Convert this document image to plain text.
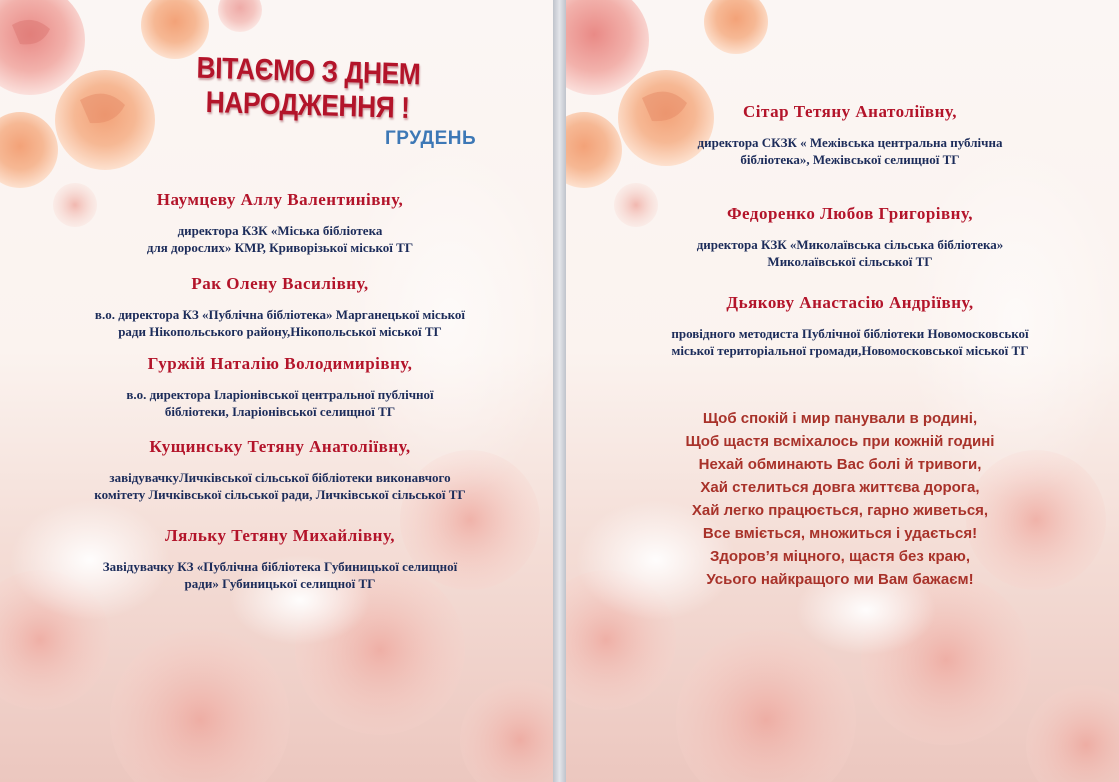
ВІТАЄМО З ДНЕМ НАРОДЖЕННЯ !
ГРУДЕНЬ
Наумцеву Аллу Валентинівну,
директора КЗК «Міська бібліотека
для дорослих» КМР, Криворізької міської ТГ
Рак Олену Василівну,
в.о. директора КЗ «Публічна бібліотека» Марганецької міської
ради Нікопольського району,Нікопольської міської ТГ
Гуржій Наталію Володимирівну,
в.о. директора Іларіонівської центральної публічної
бібліотеки, Іларіонівської селищної ТГ
Кущинську Тетяну Анатоліївну,
завідувачкуЛичківської сільської бібліотеки виконавчого
комітету Личківської сільської ради, Личківської сільської ТГ
Ляльку Тетяну Михайлівну,
Завідувачку КЗ «Публічна бібліотека Губиницької селищної
ради» Губиницької селищної ТГ
Сітар Тетяну Анатоліївну,
директора СКЗК « Межівська центральна публічна
бібліотека», Межівської селищної ТГ
Федоренко Любов Григорівну,
директора КЗК «Миколаївська сільська бібліотека»
Миколаївської сільської ТГ
Дьякову Анастасію Андріївну,
провідного методиста Публічної бібліотеки Новомосковської
міської територіальної громади,Новомосковської міської ТГ
Щоб спокій і мир панували в родині,
Щоб щастя всміхалось при кожній годині
Нехай обминають Вас болі й тривоги,
Хай стелиться довга життєва дорога,
Хай легко працюється, гарно живеться,
Все вміється, множиться і удається!
Здоров’я міцного, щастя без краю,
Усього найкращого ми Вам бажаєм!
